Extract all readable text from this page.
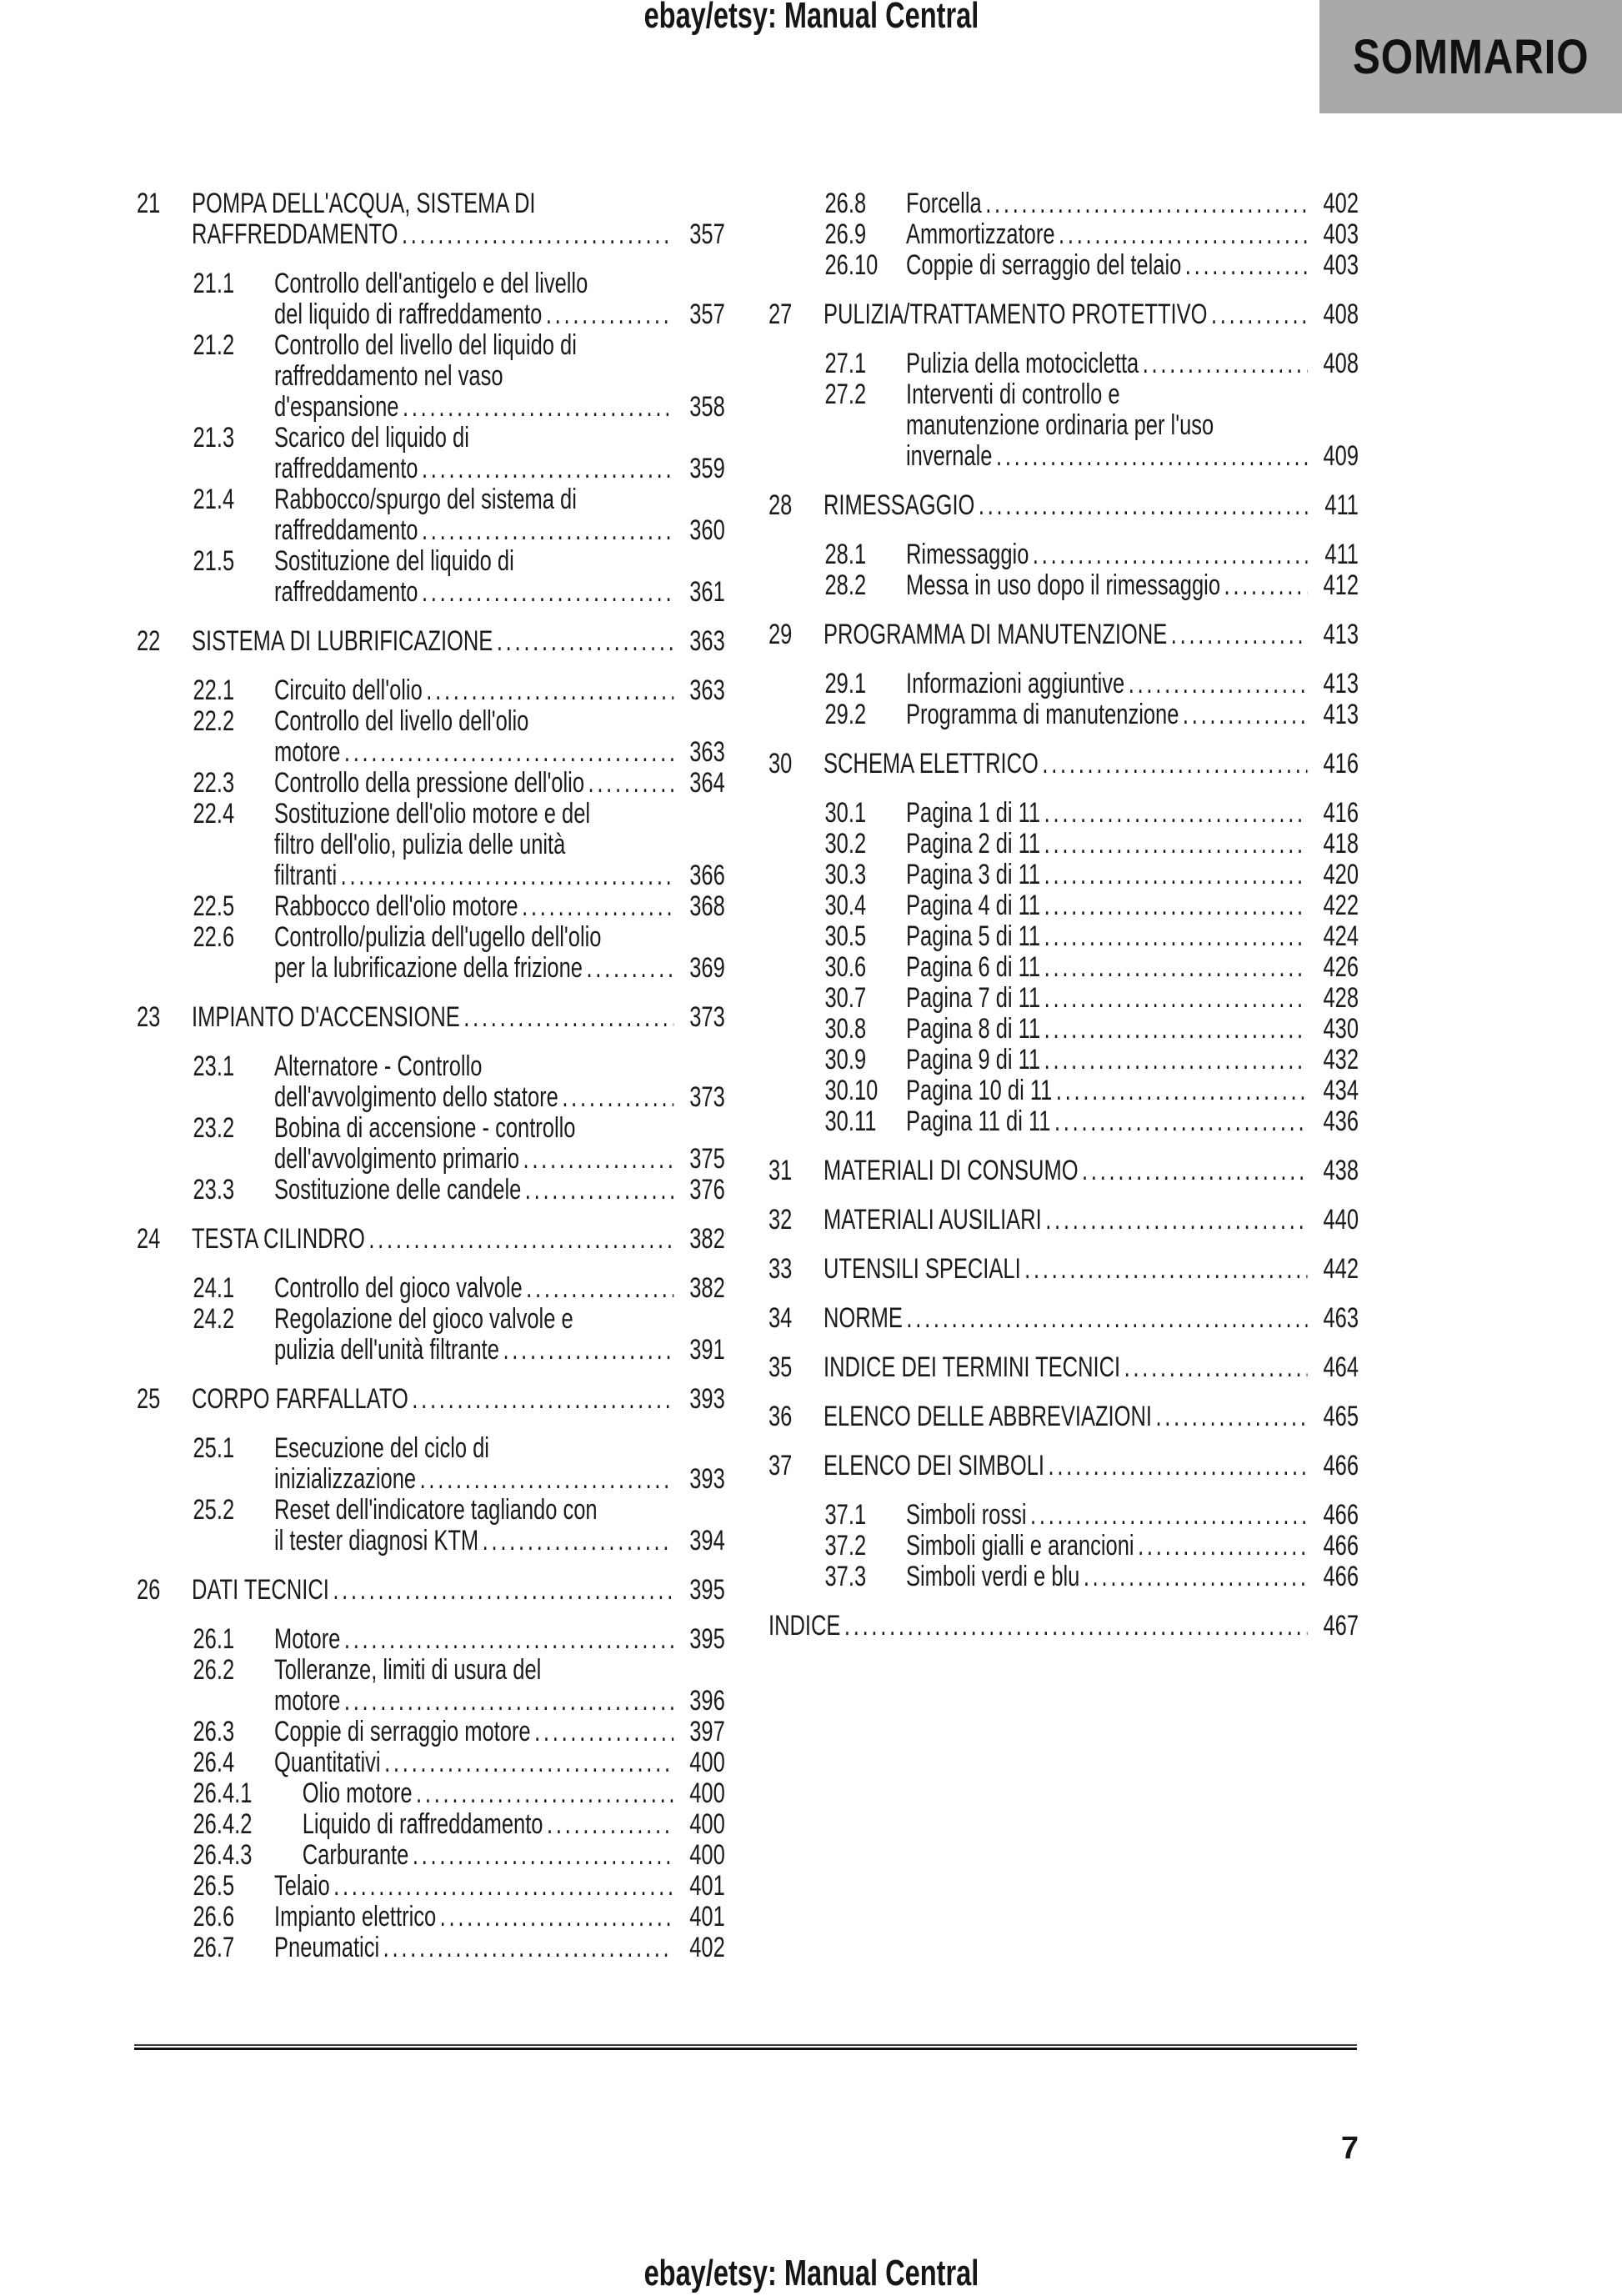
ebay/etsy: Manual Central
SOMMARIO
21	POMPA DELL'ACQUA, SISTEMA DI
RAFFREDDAMENTO .....	357
21.1	Controllo dell'antigelo e del livello
del liquido di raffreddamento .....	357
21.2	Controllo del livello del liquido di
raffreddamento nel vaso
d'espansione .....	358
21.3	Scarico del liquido di
raffreddamento .....	359
21.4	Rabbocco/spurgo del sistema di
raffreddamento .....	360
21.5	Sostituzione del liquido di
raffreddamento .....	361
22	SISTEMA DI LUBRIFICAZIONE .....	363
22.1	Circuito dell'olio .....	363
22.2	Controllo del livello dell'olio
motore .....	363
22.3	Controllo della pressione dell'olio .....	364
22.4	Sostituzione dell'olio motore e del
filtro dell'olio, pulizia delle unità
filtranti .....	366
22.5	Rabbocco dell'olio motore .....	368
22.6	Controllo/pulizia dell'ugello dell'olio
per la lubrificazione della frizione .....	369
23	IMPIANTO D'ACCENSIONE .....	373
23.1	Alternatore - Controllo
dell'avvolgimento dello statore .....	373
23.2	Bobina di accensione - controllo
dell'avvolgimento primario .....	375
23.3	Sostituzione delle candele .....	376
24	TESTA CILINDRO .....	382
24.1	Controllo del gioco valvole .....	382
24.2	Regolazione del gioco valvole e
pulizia dell'unità filtrante .....	391
25	CORPO FARFALLATO .....	393
25.1	Esecuzione del ciclo di
inizializzazione .....	393
25.2	Reset dell'indicatore tagliando con
il tester diagnosi KTM .....	394
26	DATI TECNICI .....	395
26.1	Motore .....	395
26.2	Tolleranze, limiti di usura del
motore .....	396
26.3	Coppie di serraggio motore .....	397
26.4	Quantitativi .....	400
26.4.1	Olio motore .....	400
26.4.2	Liquido di raffreddamento .....	400
26.4.3	Carburante .....	400
26.5	Telaio .....	401
26.6	Impianto elettrico .....	401
26.7	Pneumatici .....	402
26.8	Forcella .....	402
26.9	Ammortizzatore .....	403
26.10 Coppie di serraggio del telaio .....	403
27	PULIZIA/TRATTAMENTO PROTETTIVO .....	408
27.1	Pulizia della motocicletta .....	408
27.2	Interventi di controllo e
manutenzione ordinaria per l'uso
invernale .....	409
28	RIMESSAGGIO .....	411
28.1	Rimessaggio .....	411
28.2	Messa in uso dopo il rimessaggio .....	412
29	PROGRAMMA DI MANUTENZIONE .....	413
29.1	Informazioni aggiuntive .....	413
29.2	Programma di manutenzione .....	413
30	SCHEMA ELETTRICO .....	416
30.1	Pagina 1 di 11 .....	416
30.2	Pagina 2 di 11 .....	418
30.3	Pagina 3 di 11 .....	420
30.4	Pagina 4 di 11 .....	422
30.5	Pagina 5 di 11 .....	424
30.6	Pagina 6 di 11 .....	426
30.7	Pagina 7 di 11 .....	428
30.8	Pagina 8 di 11 .....	430
30.9	Pagina 9 di 11 .....	432
30.10 Pagina 10 di 11 .....	434
30.11	Pagina 11 di 11 .....	436
31	MATERIALI DI CONSUMO .....	438
32	MATERIALI AUSILIARI .....	440
33	UTENSILI SPECIALI .....	442
34	NORME .....	463
35	INDICE DEI TERMINI TECNICI .....	464
36	ELENCO DELLE ABBREVIAZIONI .....	465
37	ELENCO DEI SIMBOLI .....	466
37.1	Simboli rossi .....	466
37.2	Simboli gialli e arancioni .....	466
37.3	Simboli verdi e blu .....	466
INDICE .....	467
7
ebay/etsy: Manual Central
